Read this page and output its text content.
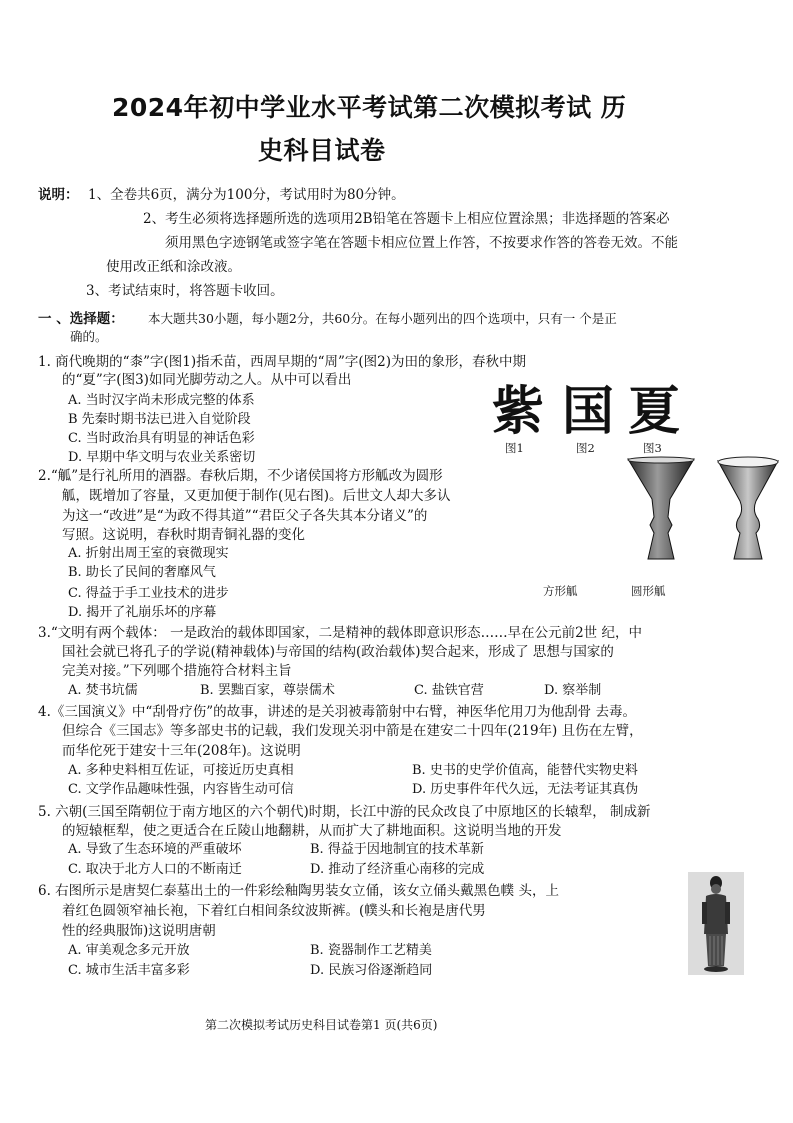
2024年初中学业水平考试第二次模拟考试 历
史科目试卷
说明： 1、全卷共6页，满分为100分，考试用时为80分钟。
2、考生必须将选择题所选的选项用2B铅笔在答题卡上相应位置涂黑；非选择题的答案必
须用黑色字迹钢笔或签字笔在答题卡相应位置上作答，不按要求作答的答卷无效。不能
使用改正纸和涂改液。
3、考试结束时，将答题卡收回。
一 、选择题： 本大题共30小题，每小题2分，共60分。在每小题列出的四个选项中，只有一 个是正
确的。
1. 商代晚期的“桼”字(图1)指禾苗，西周早期的“周”字(图2)为田的象形，春秋中期
的“夏”字(图3)如同光脚劳动之人。从中可以看出
A. 当时汉字尚未形成完整的体系
B 先秦时期书法已进入自觉阶段
C. 当时政治具有明显的神话色彩
D. 早期中华文明与农业关系密切
紫 国 夏
图1	图2	图3
2.“觚”是行礼所用的酒器。春秋后期，不少诸侯国将方形觚改为圆形
觚，既增加了容量，又更加便于制作(见右图)。后世文人却大多认
为这一“改进”是“为政不得其道”“君臣父子各失其本分诸义”的
写照。这说明，春秋时期青铜礼器的变化
A. 折射出周王室的衰微现实
B. 助长了民间的奢靡风气
C. 得益于手工业技术的进步
D. 揭开了礼崩乐坏的序幕
方形觚	圆形觚
3.“文明有两个载体： 一是政治的载体即国家，二是精神的载体即意识形态……早在公元前2世 纪，中
国社会就已将孔子的学说(精神载体)与帝国的结构(政治载体)契合起来，形成了 思想与国家的
完美对接。”下列哪个措施符合材料主旨
A. 焚书坑儒	B. 罢黜百家，尊崇儒术	C. 盐铁官营	D. 察举制
4.《三国演义》中“刮骨疗伤”的故事，讲述的是关羽被毒箭射中右臂，神医华佗用刀为他刮骨 去毒。
但综合《三国志》等多部史书的记载，我们发现关羽中箭是在建安二十四年(219年) 且伤在左臂，
而华佗死于建安十三年(208年)。这说明
A. 多种史料相互佐证，可接近历史真相	B. 史书的史学价值高，能替代实物史料
C. 文学作品趣味性强，内容皆生动可信	D. 历史事件年代久远，无法考证其真伪
5. 六朝(三国至隋朝位于南方地区的六个朝代)时期，长江中游的民众改良了中原地区的长辕犁， 制成新
的短辕框犁，使之更适合在丘陵山地翻耕，从而扩大了耕地面积。这说明当地的开发
A. 导致了生态环境的严重破坏	B. 得益于因地制宜的技术革新
C. 取决于北方人口的不断南迁	D. 推动了经济重心南移的完成
6. 右图所示是唐契仁泰墓出土的一件彩绘釉陶男装女立俑，该女立俑头戴黑色幞 头，上
着红色圆领窄袖长袍，下着红白相间条纹波斯裤。(幞头和长袍是唐代男
性的经典服饰)这说明唐朝
A. 审美观念多元开放	B. 瓷器制作工艺精美
C. 城市生活丰富多彩	D. 民族习俗逐渐趋同
第二次模拟考试历史科目试卷第1 页(共6页)
